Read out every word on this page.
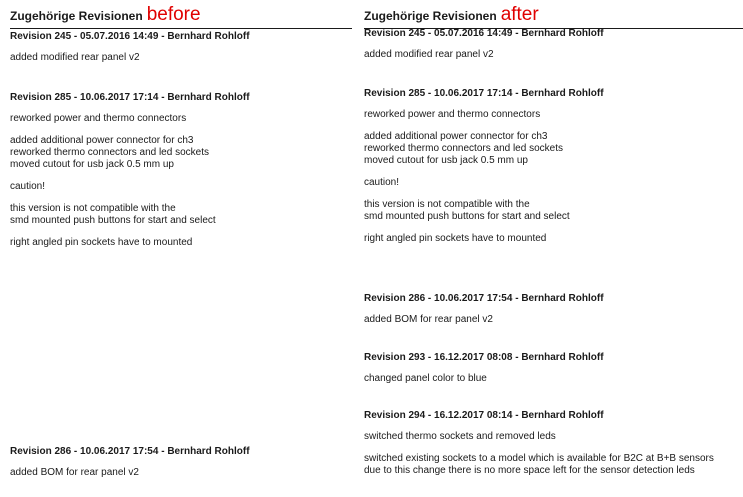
Zugehörige Revisionen before
Revision 245 - 05.07.2016 14:49 - Bernhard Rohloff
added modified rear panel v2
Revision 285 - 10.06.2017 17:14 - Bernhard Rohloff
reworked power and thermo connectors
added additional power connector for ch3
reworked thermo connectors and led sockets
moved cutout for usb jack 0.5 mm up
caution!
this version is not compatible with the
smd mounted push buttons for start and select
right angled pin sockets have to mounted
Revision 286 - 10.06.2017 17:54 - Bernhard Rohloff
added BOM for rear panel v2
Zugehörige Revisionen after
Revision 245 - 05.07.2016 14:49 - Bernhard Rohloff
added modified rear panel v2
Revision 285 - 10.06.2017 17:14 - Bernhard Rohloff
reworked power and thermo connectors
added additional power connector for ch3
reworked thermo connectors and led sockets
moved cutout for usb jack 0.5 mm up
caution!
this version is not compatible with the
smd mounted push buttons for start and select
right angled pin sockets have to mounted
Revision 286 - 10.06.2017 17:54 - Bernhard Rohloff
added BOM for rear panel v2
Revision 293 - 16.12.2017 08:08 - Bernhard Rohloff
changed panel color to blue
Revision 294 - 16.12.2017 08:14 - Bernhard Rohloff
switched thermo sockets and removed leds
switched existing sockets to a model which is available for B2C at B+B sensors
due to this change there is no more space left for the sensor detection leds
